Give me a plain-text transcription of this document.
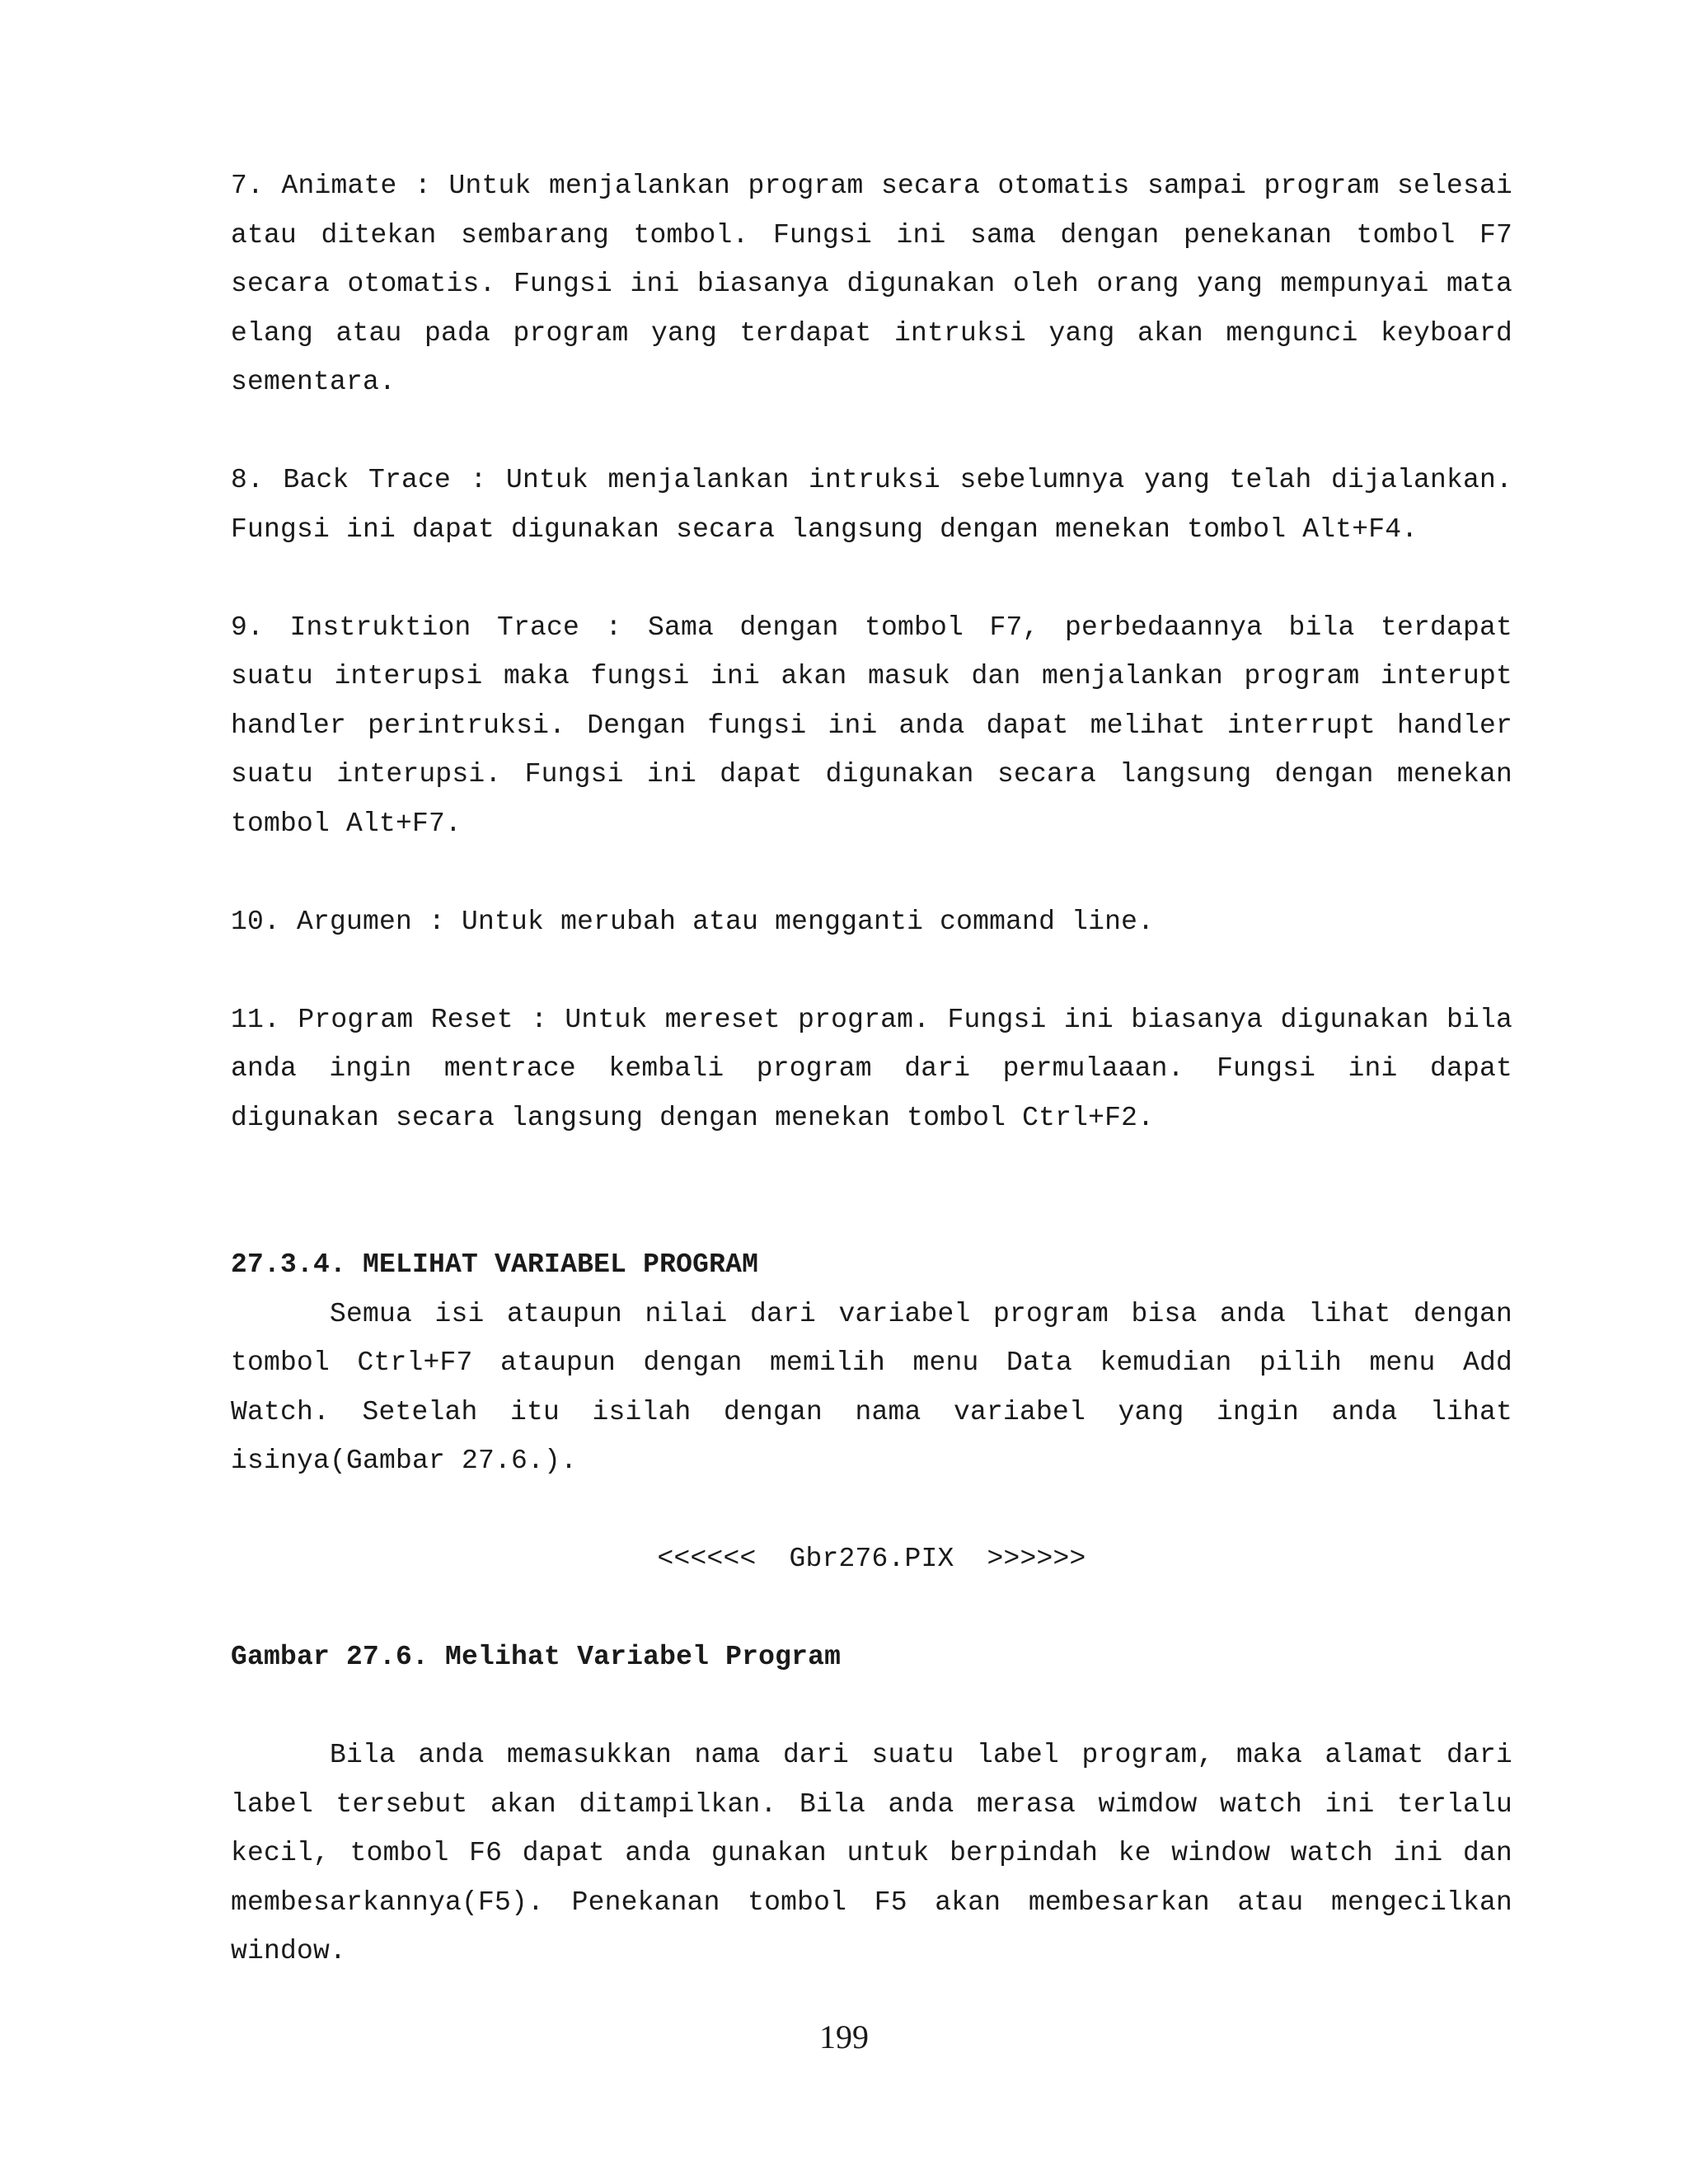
7. Animate : Untuk menjalankan program secara otomatis sampai program selesai atau ditekan sembarang tombol. Fungsi ini sama dengan penekanan tombol F7 secara otomatis. Fungsi ini biasanya digunakan oleh orang yang mempunyai mata elang atau pada program yang terdapat intruksi yang akan mengunci keyboard sementara.

8. Back Trace : Untuk menjalankan intruksi sebelumnya yang telah dijalankan. Fungsi ini dapat digunakan secara langsung dengan menekan tombol Alt+F4.

9. Instruktion Trace : Sama dengan tombol F7, perbedaannya bila terdapat suatu interupsi maka fungsi ini akan masuk dan menjalankan program interupt handler perintruksi. Dengan fungsi ini anda dapat melihat interrupt handler suatu interupsi. Fungsi ini dapat digunakan secara langsung dengan menekan tombol Alt+F7.

10. Argumen : Untuk merubah atau mengganti command line.

11. Program Reset : Untuk mereset program. Fungsi ini biasanya digunakan bila anda ingin mentrace kembali program dari permulaaan. Fungsi ini dapat digunakan secara langsung dengan menekan tombol Ctrl+F2.

27.3.4. MELIHAT VARIABEL PROGRAM

Semua isi ataupun nilai dari variabel program bisa anda lihat dengan tombol Ctrl+F7 ataupun dengan memilih menu Data kemudian pilih menu Add Watch. Setelah itu isilah dengan nama variabel yang ingin anda lihat isinya(Gambar 27.6.).

<<<<<<  Gbr276.PIX  >>>>>>

Gambar 27.6. Melihat Variabel Program

Bila anda memasukkan nama dari suatu label program, maka alamat dari label tersebut akan ditampilkan. Bila anda merasa wimdow watch ini terlalu kecil, tombol F6 dapat anda gunakan untuk berpindah ke window watch ini dan membesarkannya(F5). Penekanan tombol F5 akan membesarkan atau mengecilkan window.

199
